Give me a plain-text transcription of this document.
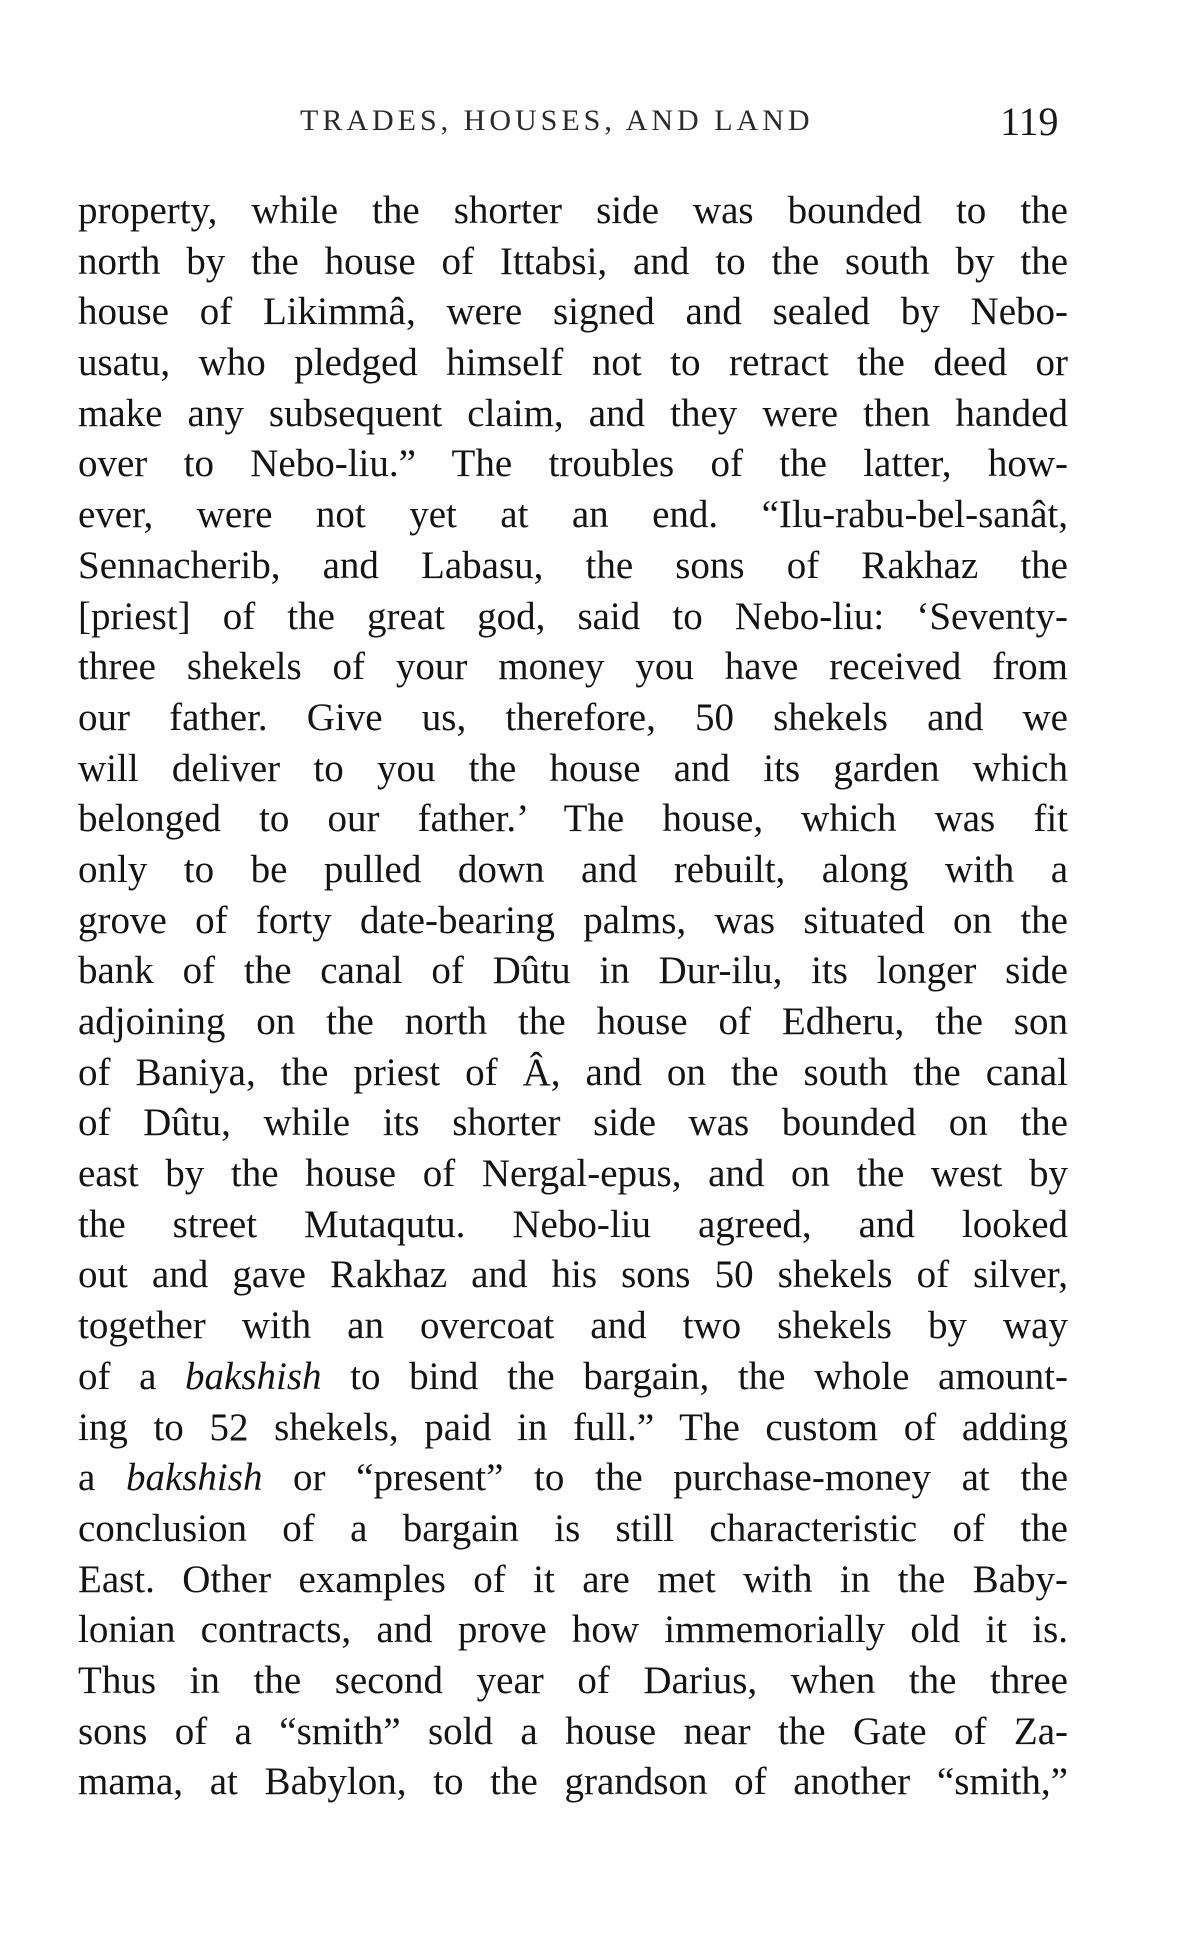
TRADES, HOUSES, AND LAND	119
property, while the shorter side was bounded to the
north by the house of Ittabsi, and to the south by the
house of Likimmâ, were signed and sealed by Nebo-
usatu, who pledged himself not to retract the deed or
make any subsequent claim, and they were then handed
over to Nebo-liu.” The troubles of the latter, how-
ever, were not yet at an end. “Ilu-rabu-bel-sanât,
Sennacherib, and Labasu, the sons of Rakhaz the
[priest] of the great god, said to Nebo-liu: ‘Seventy-
three shekels of your money you have received from
our father. Give us, therefore, 50 shekels and we
will deliver to you the house and its garden which
belonged to our father.’ The house, which was fit
only to be pulled down and rebuilt, along with a
grove of forty date-bearing palms, was situated on the
bank of the canal of Dûtu in Dur-ilu, its longer side
adjoining on the north the house of Edheru, the son
of Baniya, the priest of Â, and on the south the canal
of Dûtu, while its shorter side was bounded on the
east by the house of Nergal-epus, and on the west by
the street Mutaqutu. Nebo-liu agreed, and looked
out and gave Rakhaz and his sons 50 shekels of silver,
together with an overcoat and two shekels by way
of a bakshish to bind the bargain, the whole amount-
ing to 52 shekels, paid in full.” The custom of adding
a bakshish or “present” to the purchase-money at the
conclusion of a bargain is still characteristic of the
East. Other examples of it are met with in the Baby-
lonian contracts, and prove how immemorially old it is.
Thus in the second year of Darius, when the three
sons of a “smith” sold a house near the Gate of Za-
mama, at Babylon, to the grandson of another “smith,”
